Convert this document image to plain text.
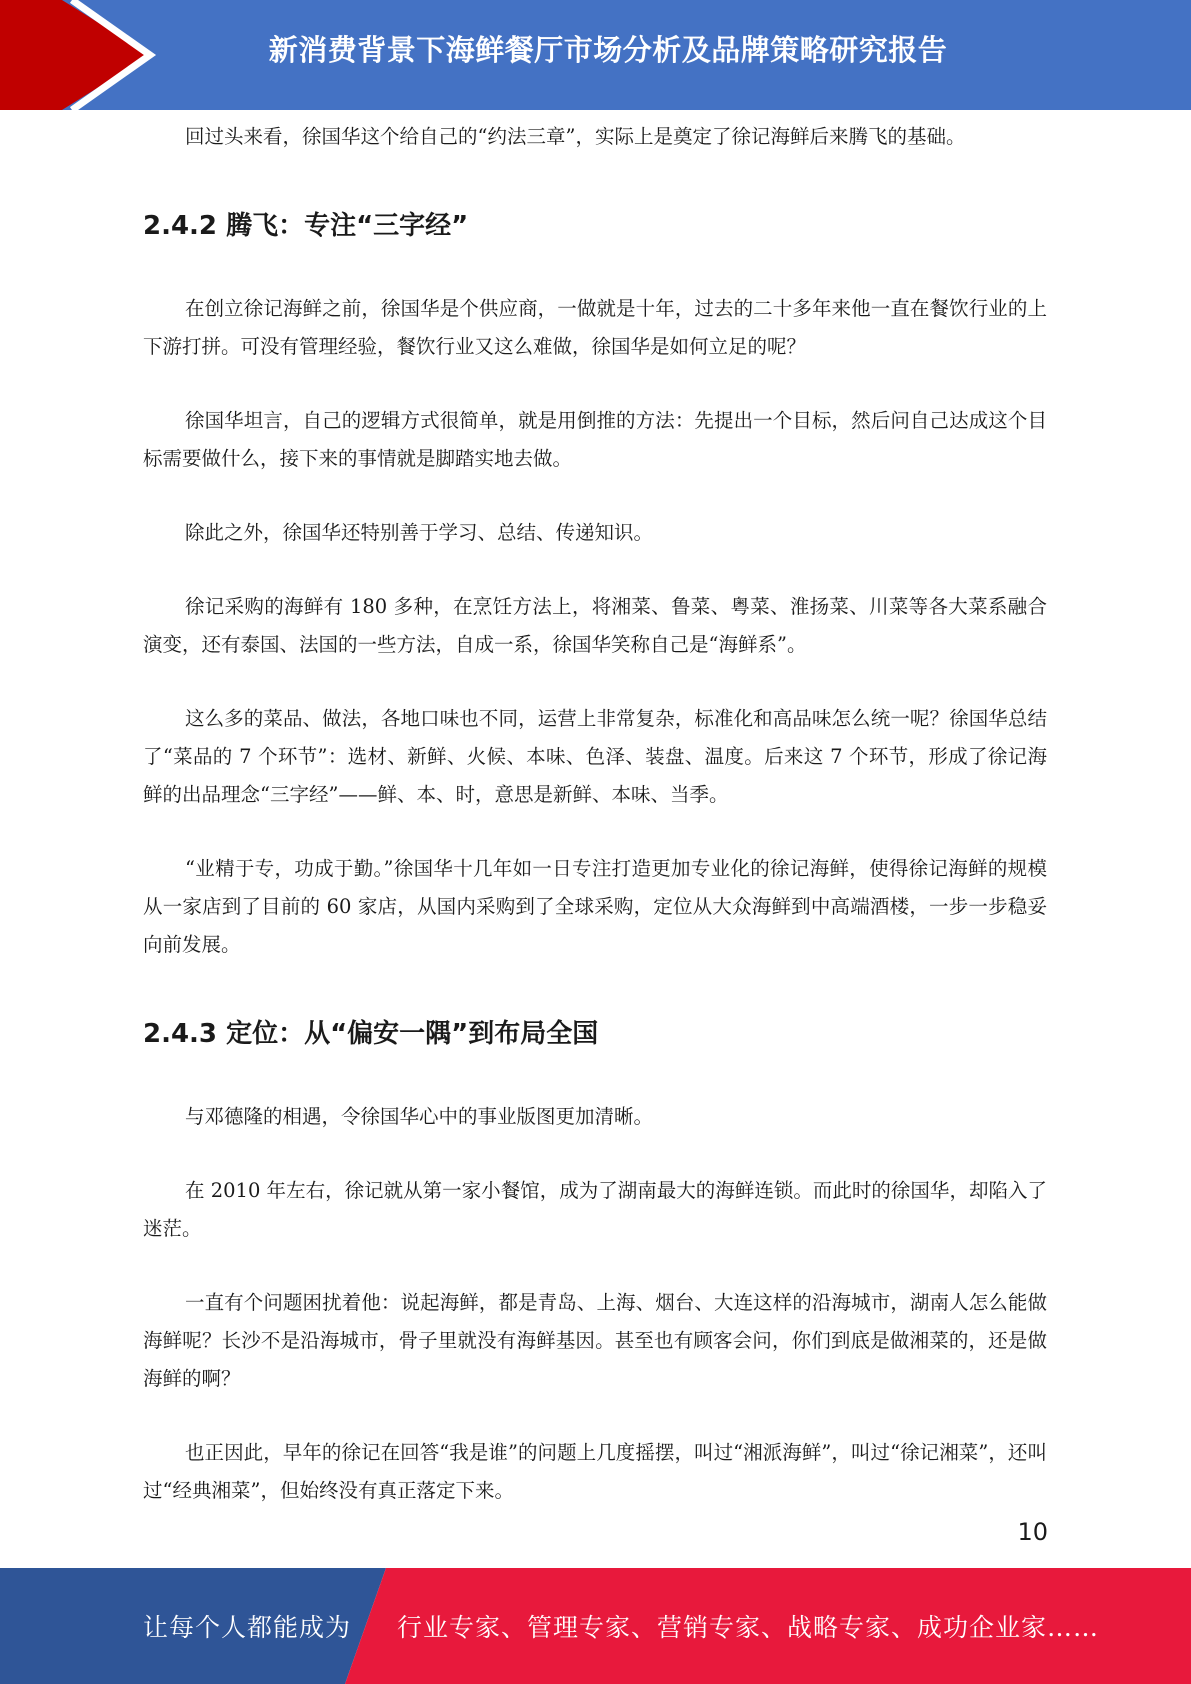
新消费背景下海鲜餐厅市场分析及品牌策略研究报告

回过头来看，徐国华这个给自己的“约法三章”，实际上是奠定了徐记海鲜后来腾飞的基础。

2.4.2 腾飞：专注“三字经”

在创立徐记海鲜之前，徐国华是个供应商，一做就是十年，过去的二十多年来他一直在餐饮行业的上下游打拼。可没有管理经验，餐饮行业又这么难做，徐国华是如何立足的呢？

徐国华坦言，自己的逻辑方式很简单，就是用倒推的方法：先提出一个目标，然后问自己达成这个目标需要做什么，接下来的事情就是脚踏实地去做。

除此之外，徐国华还特别善于学习、总结、传递知识。

徐记采购的海鲜有 180 多种，在烹饪方法上，将湘菜、鲁菜、粤菜、淮扬菜、川菜等各大菜系融合演变，还有泰国、法国的一些方法，自成一系，徐国华笑称自己是“海鲜系”。

这么多的菜品、做法，各地口味也不同，运营上非常复杂，标准化和高品味怎么统一呢？徐国华总结了“菜品的 7 个环节”：选材、新鲜、火候、本味、色泽、装盘、温度。后来这 7 个环节，形成了徐记海鲜的出品理念“三字经”——鲜、本、时，意思是新鲜、本味、当季。

“业精于专，功成于勤。”徐国华十几年如一日专注打造更加专业化的徐记海鲜，使得徐记海鲜的规模从一家店到了目前的 60 家店，从国内采购到了全球采购，定位从大众海鲜到中高端酒楼，一步一步稳妥向前发展。

2.4.3 定位：从“偏安一隅”到布局全国

与邓德隆的相遇，令徐国华心中的事业版图更加清晰。

在 2010 年左右，徐记就从第一家小餐馆，成为了湖南最大的海鲜连锁。而此时的徐国华，却陷入了迷茫。

一直有个问题困扰着他：说起海鲜，都是青岛、上海、烟台、大连这样的沿海城市，湖南人怎么能做海鲜呢？长沙不是沿海城市，骨子里就没有海鲜基因。甚至也有顾客会问，你们到底是做湘菜的，还是做海鲜的啊？

也正因此，早年的徐记在回答“我是谁”的问题上几度摇摆，叫过“湘派海鲜”，叫过“徐记湘菜”，还叫过“经典湘菜”，但始终没有真正落定下来。

10
让每个人都能成为 行业专家、管理专家、营销专家、战略专家、成功企业家……
